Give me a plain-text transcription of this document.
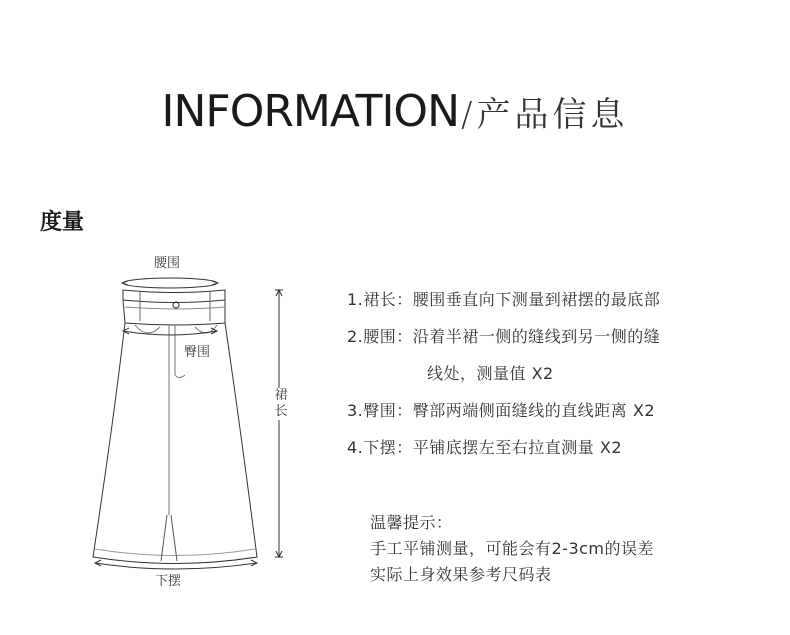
INFORMATION/ 产品信息
度量
腰围
臀围
裙长
下摆
1.裙长：腰围垂直向下测量到裙摆的最底部
2.腰围：沿着半裙一侧的缝线到另一侧的缝
线处，测量值 X2
3.臀围：臀部两端侧面缝线的直线距离 X2
4.下摆：平铺底摆左至右拉直测量 X2
温馨提示：
手工平铺测量，可能会有2-3cm的误差
实际上身效果参考尺码表
